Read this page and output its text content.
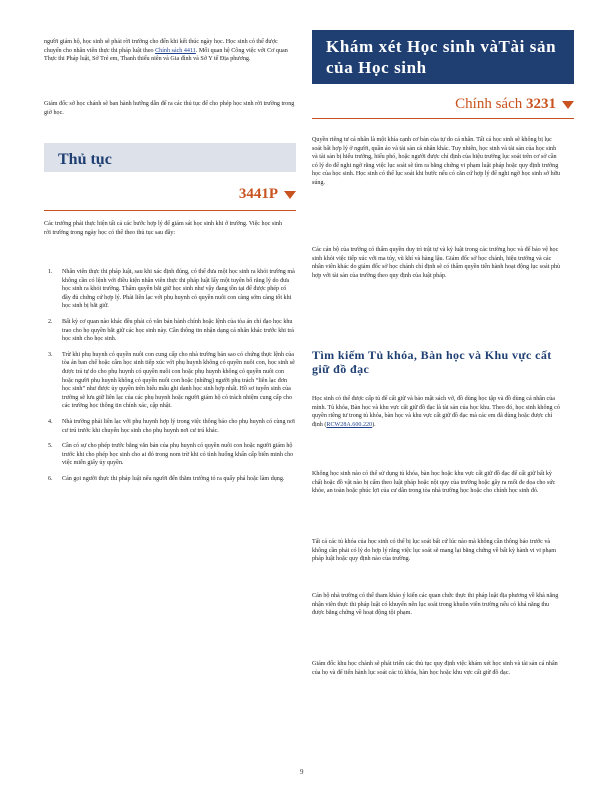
người giám hộ, học sinh sẽ phải rời trường cho đến khi kết thúc ngày học. Học sinh có thể được chuyển cho nhân viên thực thi pháp luật theo Chính sách 4411. Mối quan hệ Công việc với Cơ quan Thực thi Pháp luật, Sở Trẻ em, Thanh thiếu niên và Gia đình và Sở Y tế Địa phương.

Giám đốc sở học chánh sẽ ban hành hướng dẫn để ra các thủ tục để cho phép học sinh rời trường trong giờ học.

Thủ tục
3441P

Các trường phải thực hiện tất cả các bước hợp lý để giám sát học sinh khi ở trường. Việc học sinh rời trường trong ngày học có thể theo thủ tục sau đây:

1. Nhân viên thực thi pháp luật, sau khi xác định đúng, có thể đưa một học sinh ra khỏi trường mà không cần có lệnh với điều kiện nhân viên thực thi pháp luật lấy một tuyên bố rằng lý do đưa học sinh ra khỏi trường. Thẩm quyền bắt giữ học sinh như vậy đang tồn tại để được phép có đầy đủ chứng cứ hợp lý. Phải liên lạc với phụ huynh có quyền nuôi con càng sớm càng tốt khi học sinh bị bắt giữ.
2. Bất kỳ cơ quan nào khác đều phải có văn bản hành chính hoặc lệnh của tòa án chỉ đạo học khu trao cho họ quyền bắt giữ các học sinh này. Cần thông tin nhận dạng cá nhân khác trước khi trả học sinh cho học sinh.
3. Trừ khi phụ huynh có quyền nuôi con cung cấp cho nhà trường bản sao có chứng thực lệnh của tòa án ban chế hoặc cấm học sinh tiếp xúc với phụ huynh không có quyền nuôi con, học sinh sẽ được trả tự do cho phụ huynh có quyền nuôi con hoặc phụ huynh không có quyền nuôi con hoặc người phụ huynh không có quyền nuôi con hoặc (những) người phụ trách “liên lạc đơn học sinh” như được ủy quyền trên biểu mẫu ghi danh học sinh hợp nhất. Hồ sơ tuyển sinh của trường sẽ lưu giữ liên lạc của các phụ huynh hoặc người giám hộ có trách nhiệm cung cấp cho các trường học thông tin chính xác, cập nhật.
4. Nhà trường phải liên lạc với phụ huynh hợp lý trong việc thông báo cho phụ huynh có cùng nơi cư trú trước khi chuyển học sinh cho phụ huynh nơi cư trú khác.
5. Cần có sự cho phép trước bằng văn bản của phụ huynh có quyền nuôi con hoặc người giám hộ trước khi cho phép học sinh cho ai đó trong nom trừ khi có tình huống khẩn cấp biên minh cho việc miễn giấy ủy quyền.
6. Cán gọi người thực thi pháp luật nếu người đến thăm trường tỏ ra quấy phá hoặc làm dụng.
Khám xét Học sinh vàTài sản của Học sinh
Chính sách 3231

Quyền riêng tư cá nhân là một khía cạnh cơ bản của tự do cá nhân. Tất cả học sinh sẽ không bị lục soát bất hợp lý ở người, quần áo và tài sản cá nhân khác. Tuy nhiên, học sinh và tài sản của học sinh và tài sản bị hiểu trường, hiểu phó, hoặc người được chỉ định của hiệu trưởng lục soát trên cơ sở cần có lý do để nghi ngờ rằng việc lục soát sẽ tìm ra bằng chứng vi phạm luật pháp hoặc quy định trường học của học sinh. Học sinh có thể lục soát khi bước nếu có căn cứ hợp lý để nghi ngờ học sinh sở hữu súng.

Các cán bộ của trường có thẩm quyền duy trì trật tự và kỷ luật trong các trường học và để bảo vệ học sinh khỏi việc tiếp xúc với ma túy, vũ khí và hàng lậu. Giám đốc sở học chánh, hiệu trưởng và các nhân viên khác do giám đốc sở học chánh chỉ định sẽ có thẩm quyền tiến hành hoạt động lục soát phù hợp với tài sản của trường theo quy định của luật pháp.

Tìm kiếm Tủ khóa, Bàn học và Khu vực cất giữ đồ đạc

Học sinh có thể được cấp tủ để cất giữ và bảo mật sách vở, đồ dùng học tập và đồ dùng cá nhân của mình. Tủ khóa, Bàn học và khu vực cất giữ đồ đạc là tài sản của học khu. Theo đó, học sinh không có quyền riêng tư trong tủ khóa, bàn học và khu vực cất giữ đồ đạc mà các em đã dùng hoặc được chỉ định (RCW28A.600.220).

Không học sinh nào có thể sử dụng tủ khóa, bàn học hoặc khu vực cất giữ đồ đạc để cất giữ bất kỳ chất hoặc đồ vật nào bị cấm theo luật pháp hoặc nội quy của trường hoặc gây ra mối đe dọa cho sức khỏe, an toàn hoặc phúc lợi của cư dân trong tòa nhà trường học hoặc cho chính học sinh đó.

Tất cả các tủ khóa của học sinh có thể bị lục soát bất cứ lúc nào mà không cần thông báo trước và không cần phải có lý do hợp lý rằng việc lục soát sẽ mang lại bằng chứng về bất kỳ hành vi vi phạm pháp luật hoặc quy định nào của trường.

Cán bộ nhà trường có thể tham khảo ý kiến các quan chức thực thi pháp luật địa phương về khả năng nhận viên thực thi pháp luật có khuyến nên lục soát trong khuôn viên trường nếu có khả năng thu được bằng chứng về hoạt động tội phạm.

Giám đốc khu học chánh sẽ phát triển các thủ tục quy định việc khám xét học sinh và tài sản cá nhân của họ và để tiến hành lục soát các tủ khóa, bàn học hoặc khu vực cất giữ đồ đạc.

9
